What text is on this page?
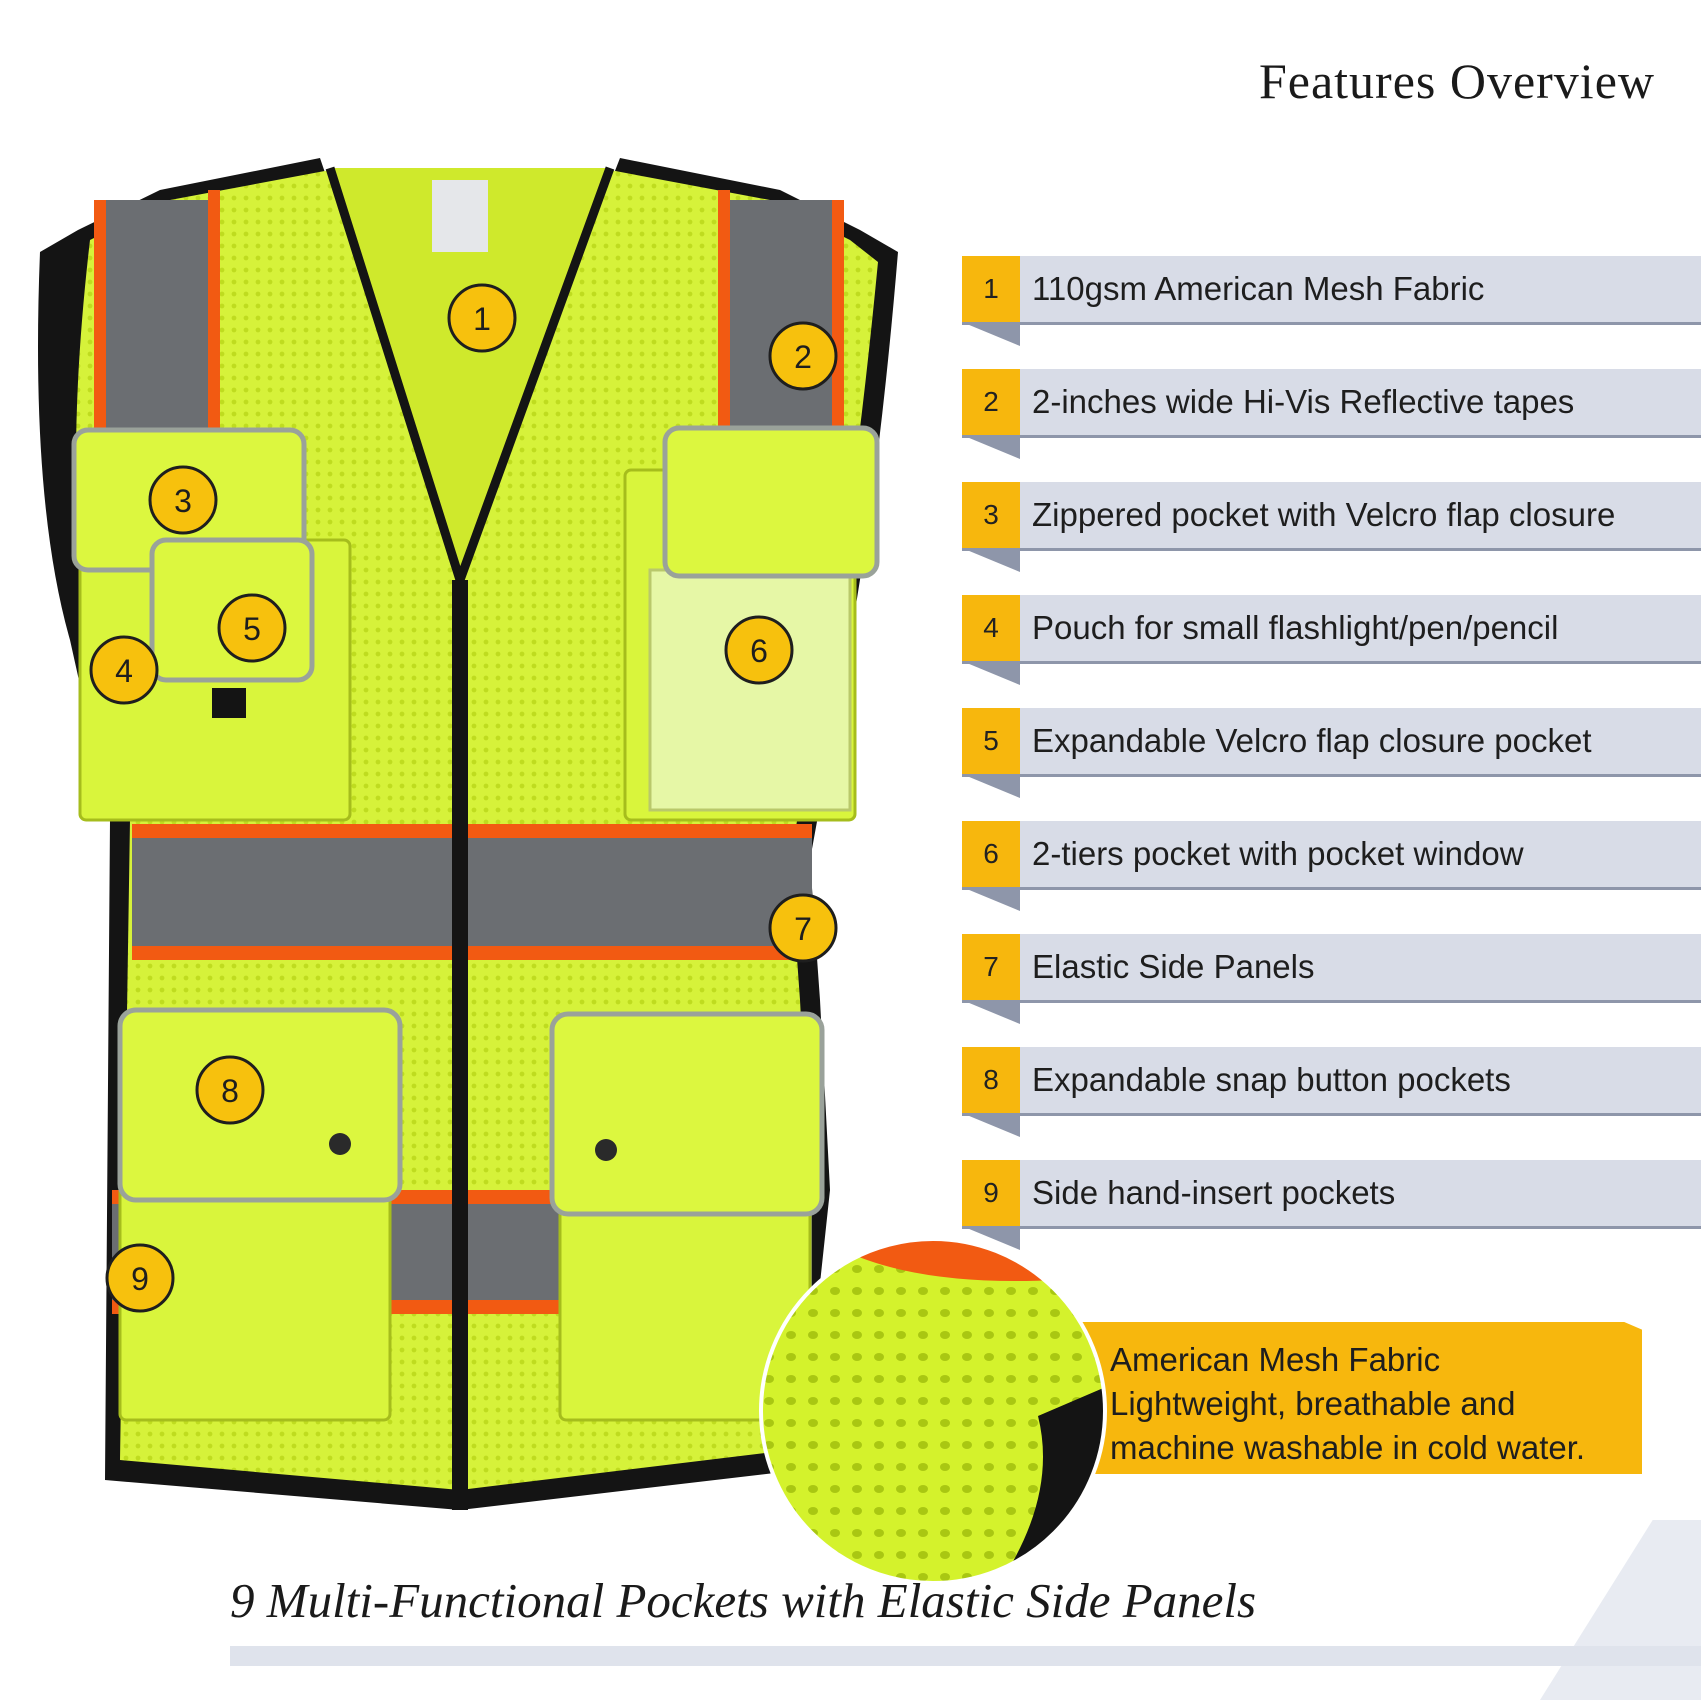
Features Overview
1
2
3
4
5
6
7
8
9
1	110gsm American Mesh Fabric
2	2-inches wide Hi-Vis Reflective tapes
3	Zippered pocket with Velcro flap closure
4	Pouch for small flashlight/pen/pencil
5	Expandable Velcro flap closure pocket
6	2-tiers pocket with pocket window
7	Elastic Side Panels
8	Expandable snap button pockets
9	Side hand-insert pockets
American Mesh Fabric
Lightweight, breathable and
machine washable in cold water.
9 Multi-Functional Pockets with Elastic Side Panels
